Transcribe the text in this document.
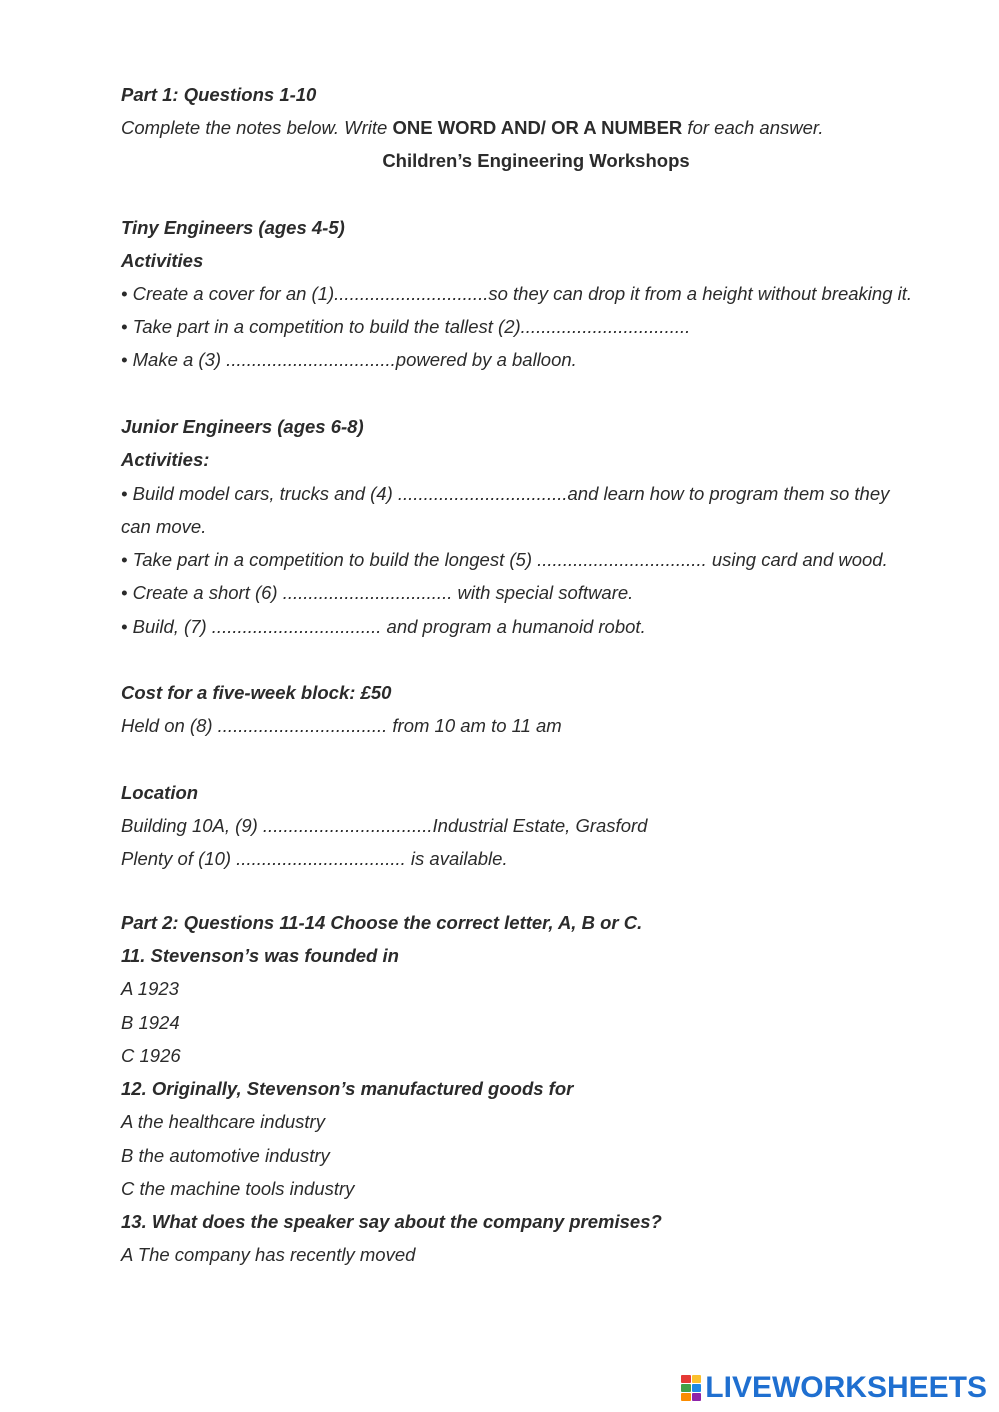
Part 1: Questions 1-10
Complete the notes below. Write ONE WORD AND/ OR A NUMBER for each answer.
Children’s Engineering Workshops
Tiny Engineers (ages 4-5)
Activities
• Create a cover for an (1)..............................so they can drop it from a height without breaking it.
• Take part in a competition to build the tallest (2).................................
• Make a (3) .................................powered by a balloon.
Junior Engineers (ages 6-8)
Activities:
• Build model cars, trucks and (4) .................................and learn how to program them so they
can move.
• Take part in a competition to build the longest (5) ................................. using card and wood.
• Create a short (6) ................................. with special software.
• Build, (7) ................................. and program a humanoid robot.
Cost for a five-week block: £50
Held on (8) ................................. from 10 am to 11 am
Location
Building 10A, (9) .................................Industrial Estate, Grasford
Plenty of (10) ................................. is available.
Part 2: Questions 11-14 Choose the correct letter, A, B or C.
11. Stevenson’s was founded in
A 1923
B 1924
C 1926
12. Originally, Stevenson’s manufactured goods for
A the healthcare industry
B the automotive industry
C the machine tools industry
13. What does the speaker say about the company premises?
A The company has recently moved
LIVEWORKSHEETS
